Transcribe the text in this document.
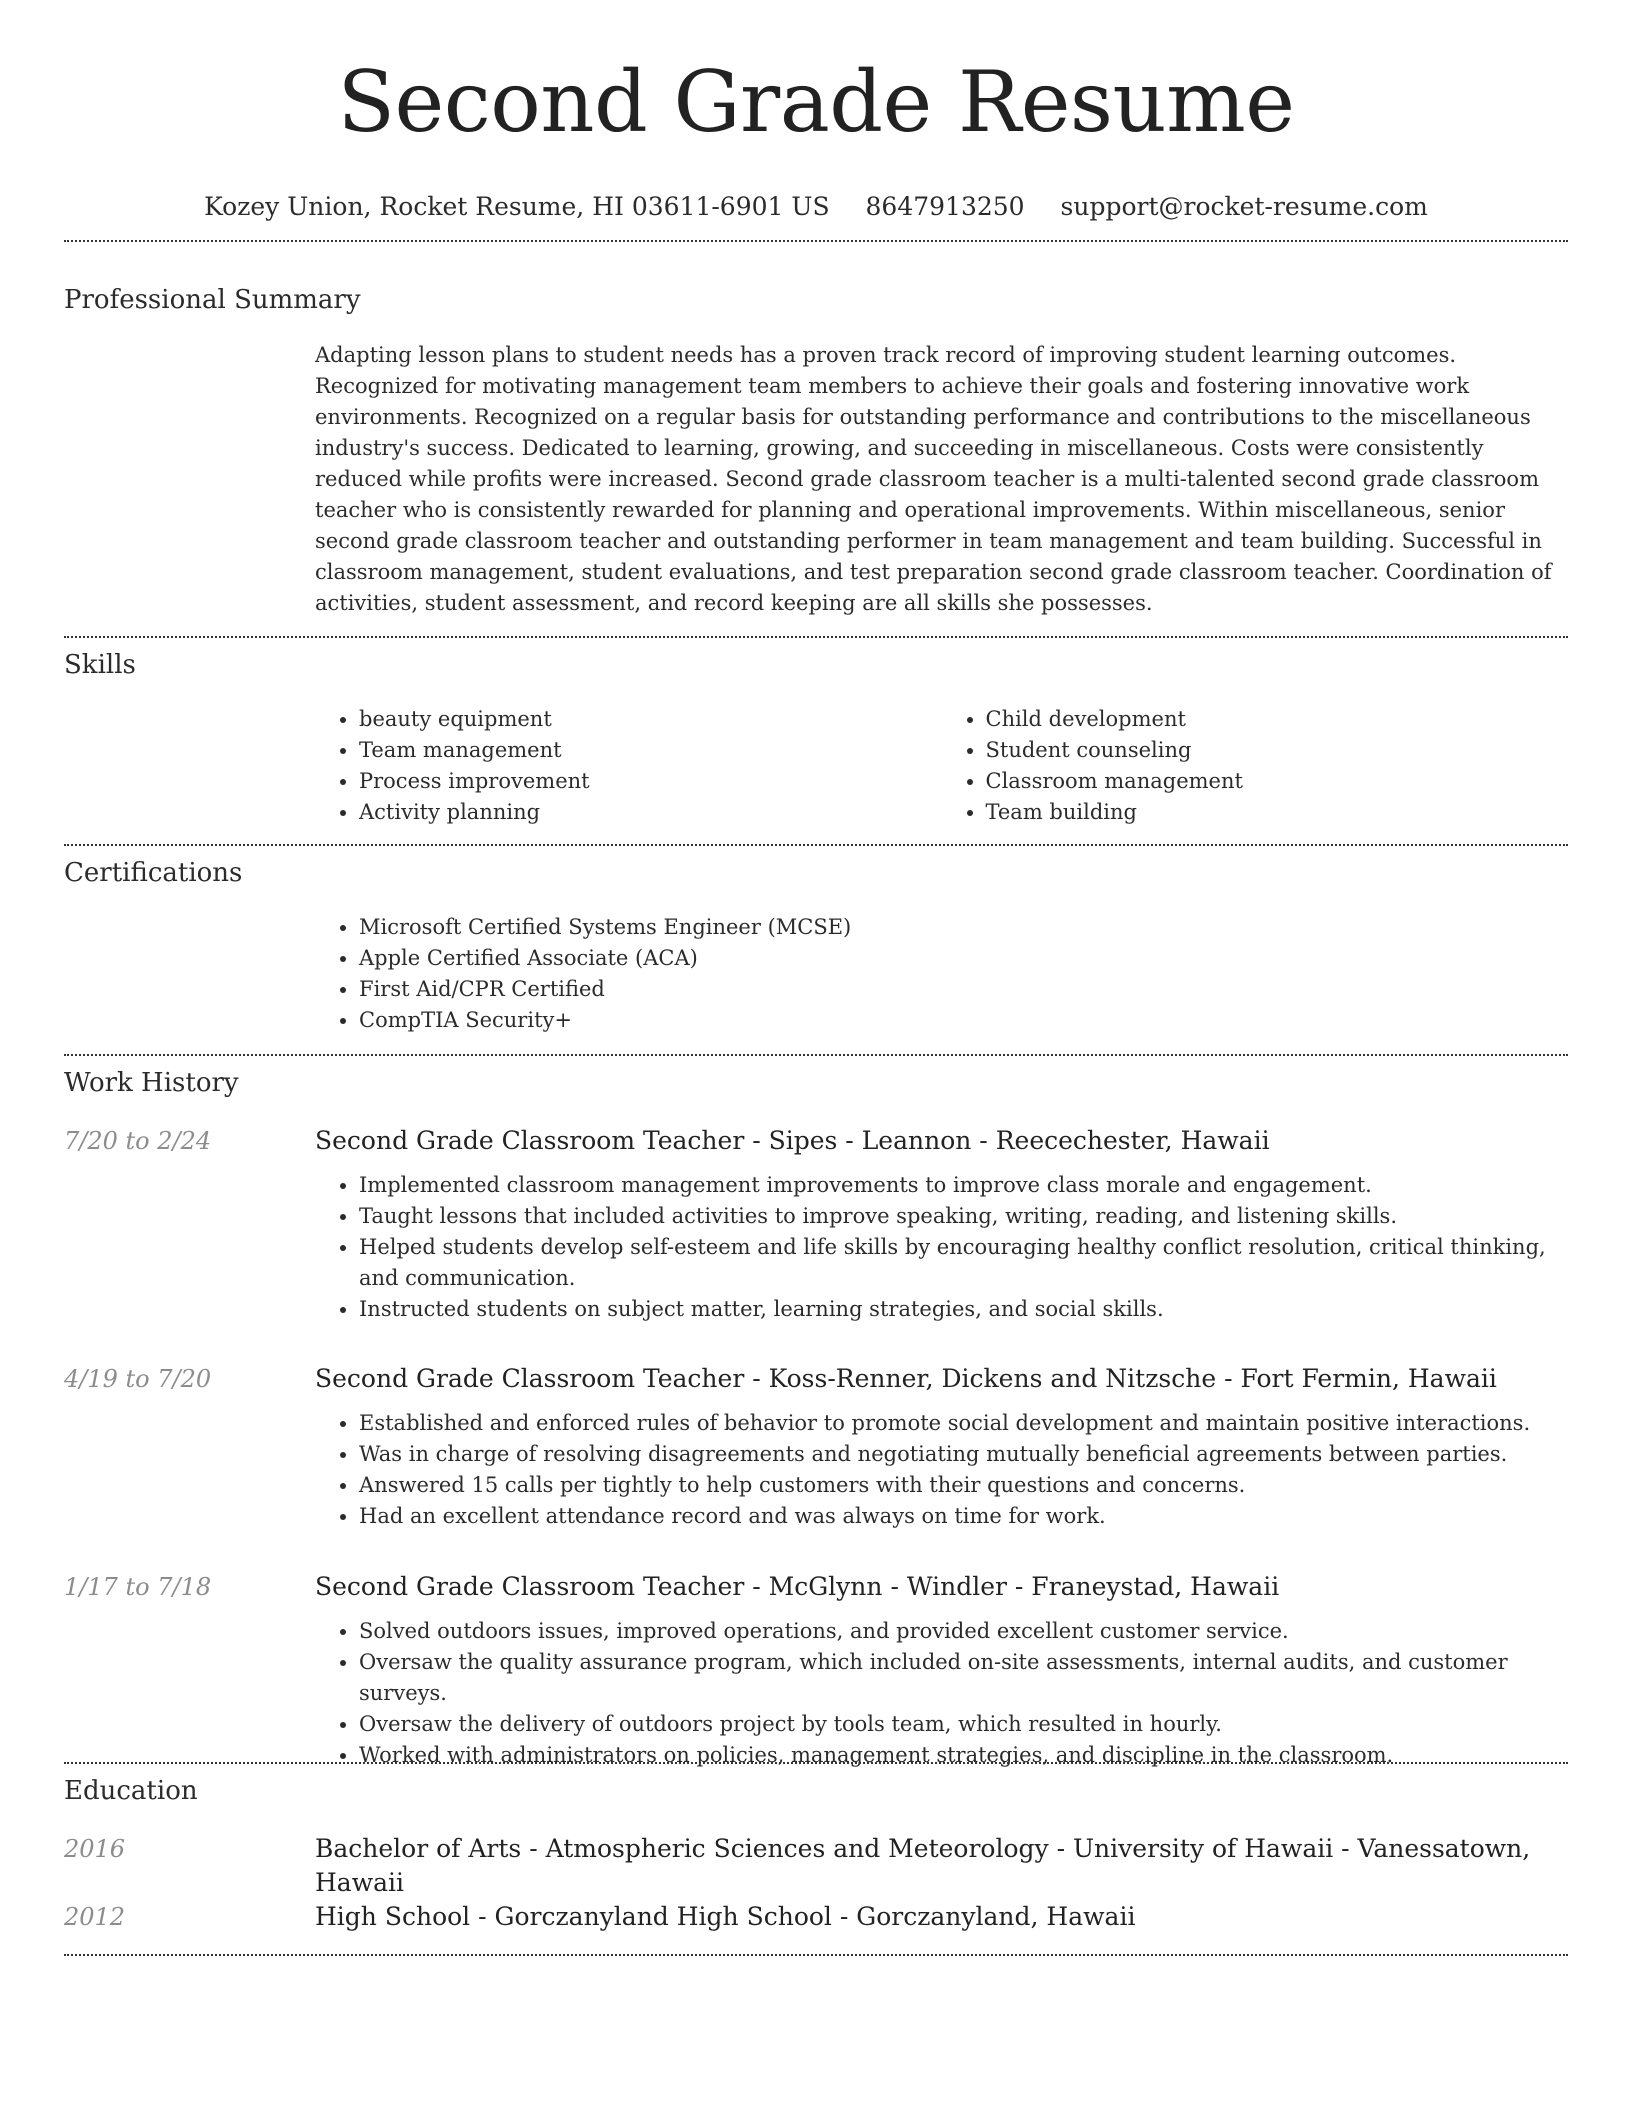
Second Grade Resume
Kozey Union, Rocket Resume, HI 03611-6901 US 8647913250 support@rocket-resume.com
Professional Summary

Adapting lesson plans to student needs has a proven track record of improving student learning outcomes. Recognized for motivating management team members to achieve their goals and fostering innovative work environments. Recognized on a regular basis for outstanding performance and contributions to the miscellaneous industry's success. Dedicated to learning, growing, and succeeding in miscellaneous. Costs were consistently reduced while profits were increased. Second grade classroom teacher is a multi-talented second grade classroom teacher who is consistently rewarded for planning and operational improvements. Within miscellaneous, senior second grade classroom teacher and outstanding performer in team management and team building. Successful in classroom management, student evaluations, and test preparation second grade classroom teacher. Coordination of activities, student assessment, and record keeping are all skills she possesses.

Skills
• beauty equipment
• Team management
• Process improvement
• Activity planning
• Child development
• Student counseling
• Classroom management
• Team building
Certifications
• Microsoft Certified Systems Engineer (MCSE)
• Apple Certified Associate (ACA)
• First Aid/CPR Certified
• CompTIA Security+
Work History
7/20 to 2/24	Second Grade Classroom Teacher - Sipes - Leannon - Reecechester, Hawaii
• Implemented classroom management improvements to improve class morale and engagement.
• Taught lessons that included activities to improve speaking, writing, reading, and listening skills.
• Helped students develop self-esteem and life skills by encouraging healthy conflict resolution, critical thinking, and communication.
• Instructed students on subject matter, learning strategies, and social skills.
4/19 to 7/20	Second Grade Classroom Teacher - Koss-Renner, Dickens and Nitzsche - Fort Fermin, Hawaii
• Established and enforced rules of behavior to promote social development and maintain positive interactions.
• Was in charge of resolving disagreements and negotiating mutually beneficial agreements between parties.
• Answered 15 calls per tightly to help customers with their questions and concerns.
• Had an excellent attendance record and was always on time for work.
1/17 to 7/18	Second Grade Classroom Teacher - McGlynn - Windler - Franeystad, Hawaii
• Solved outdoors issues, improved operations, and provided excellent customer service.
• Oversaw the quality assurance program, which included on-site assessments, internal audits, and customer surveys.
• Oversaw the delivery of outdoors project by tools team, which resulted in hourly.
• Worked with administrators on policies, management strategies, and discipline in the classroom.
Education
2016	Bachelor of Arts - Atmospheric Sciences and Meteorology - University of Hawaii - Vanessatown, Hawaii
2012	High School - Gorczanyland High School - Gorczanyland, Hawaii
